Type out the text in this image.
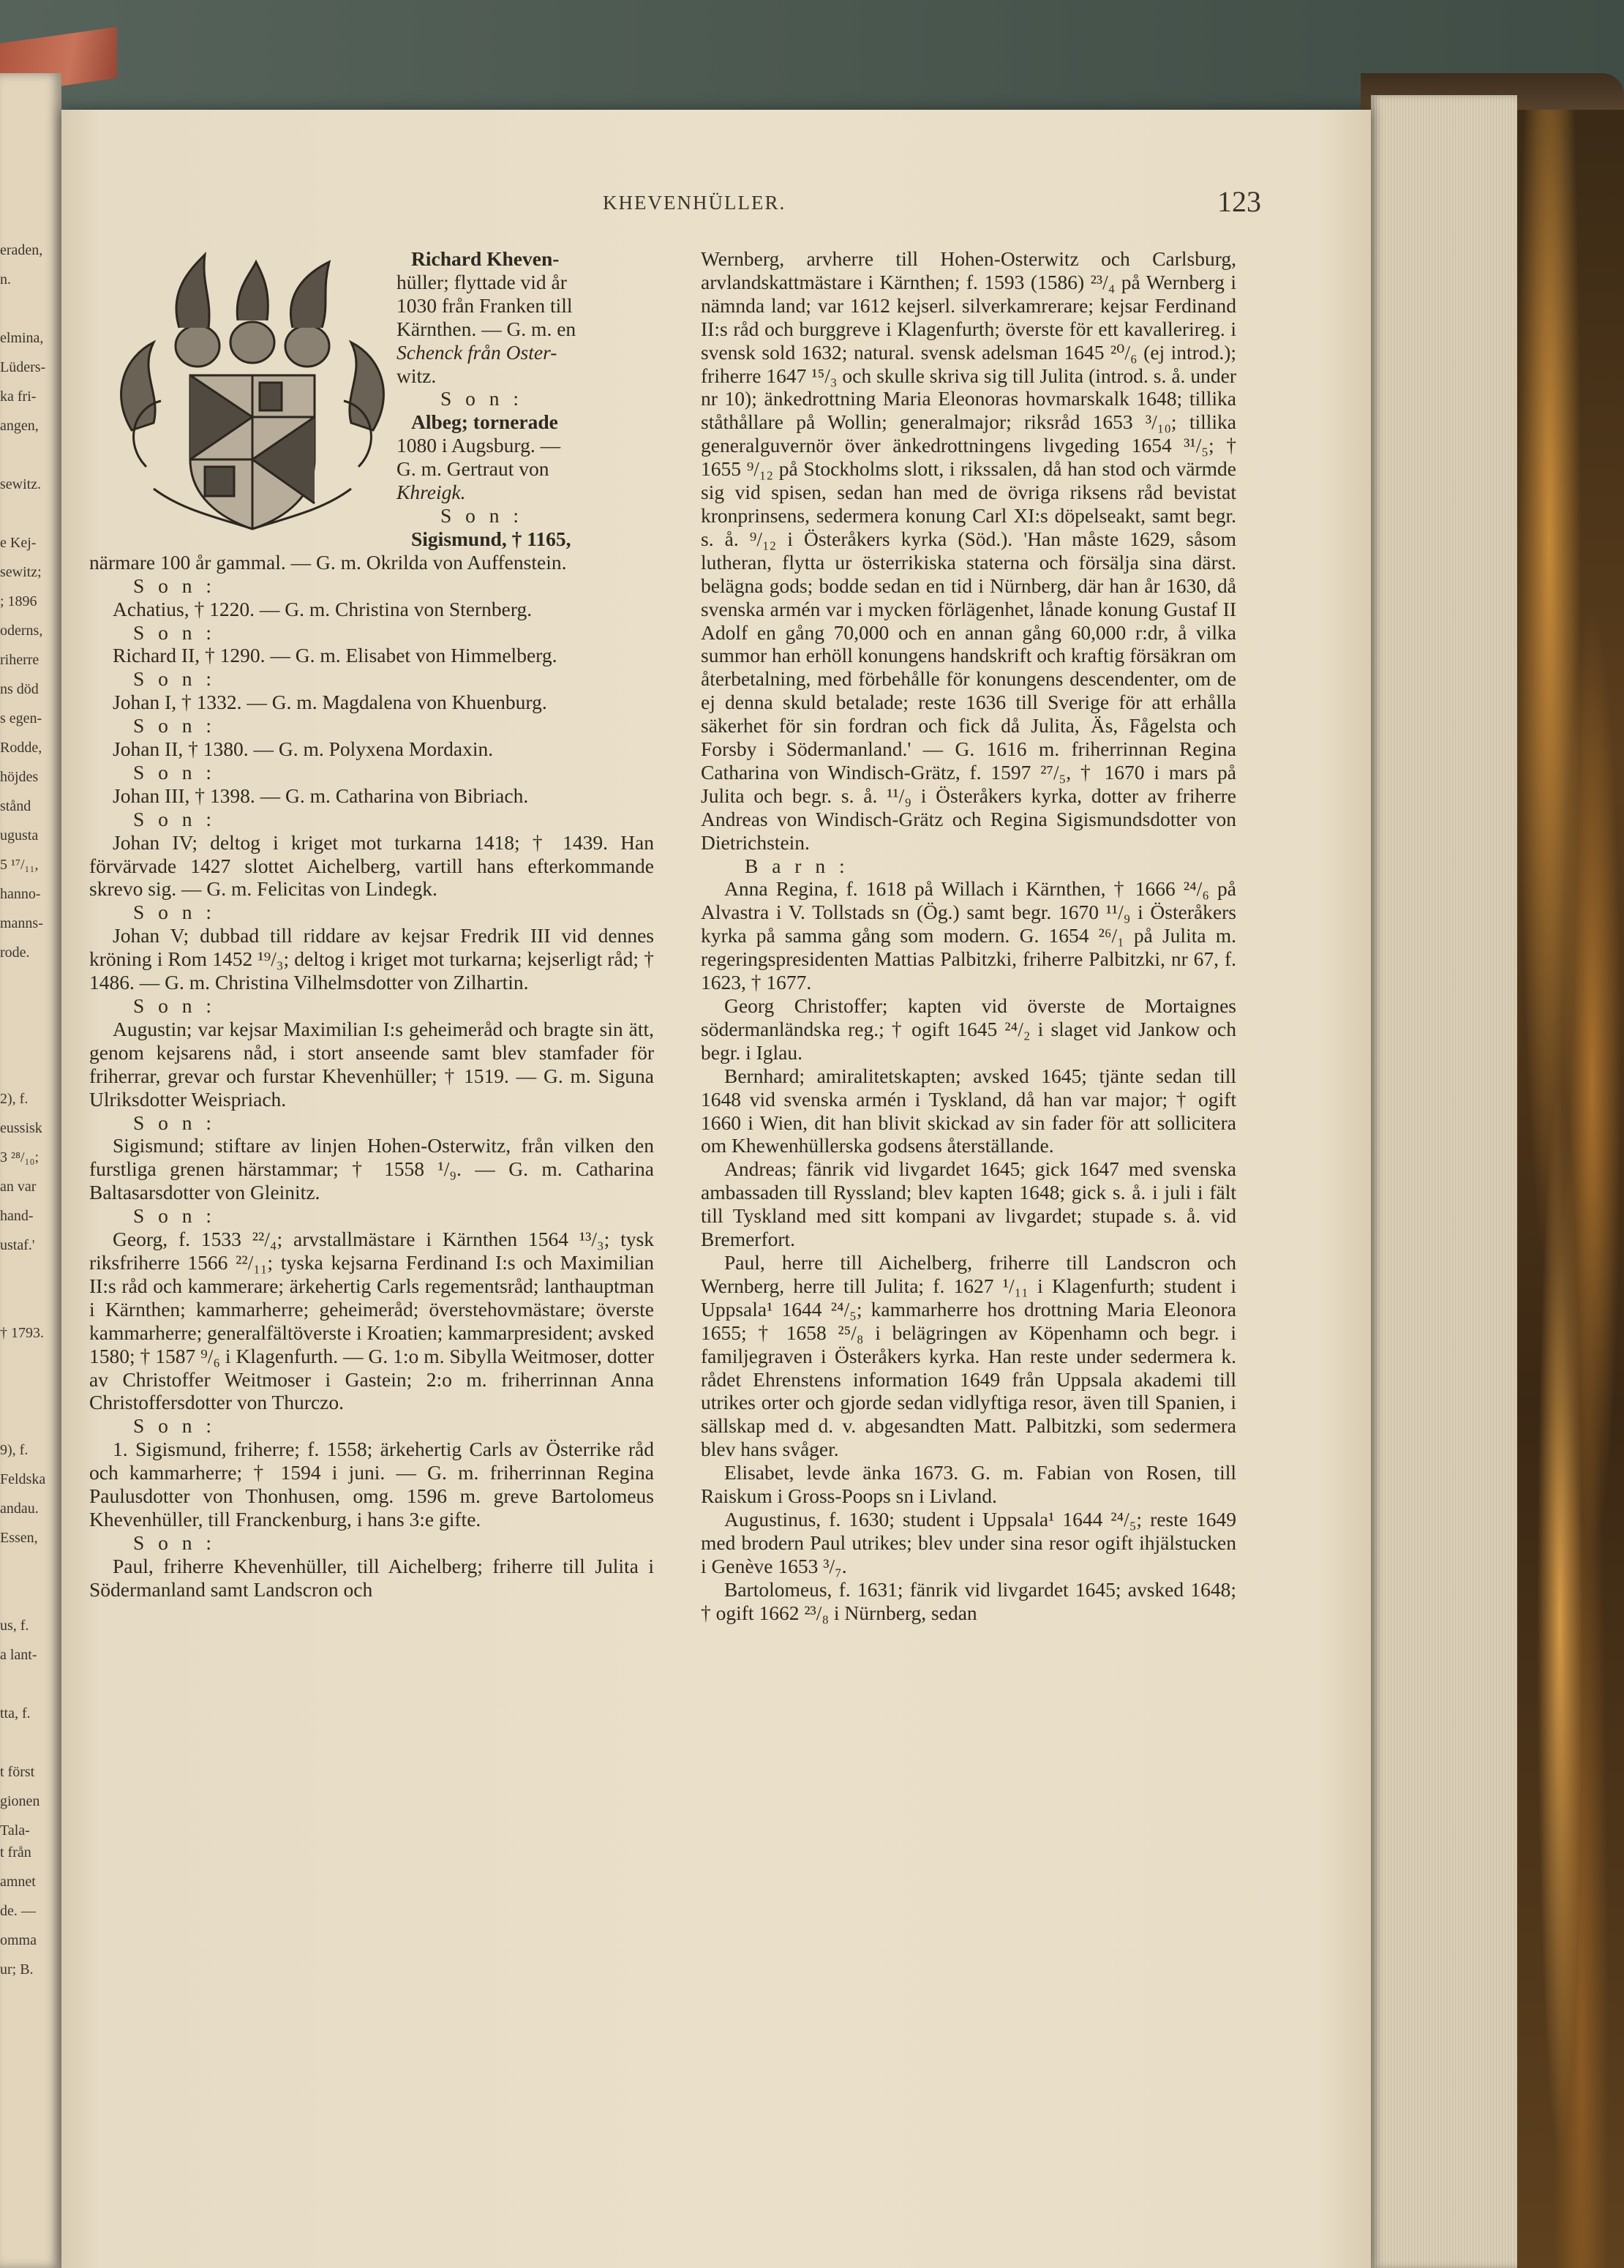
eraden,
n.
elmina,
Lüders-
ka fri-
angen,
sewitz.
e Kej-
sewitz;
; 1896
oderns,
riherre
ns död
s egen-
Rodde,
höjdes
stånd
ugusta
5 ¹⁷/₁₁,
hanno-
manns-
rode.
2), f.
eussisk
3 ²⁸/₁₀;
an var
hand-
ustaf.'
† 1793.
9), f.
Feldska
andau.
Essen,
us, f.
a lant-
tta, f.
t först
gionen
Tala-
t från
amnet
de. —
omma
ur; B.
KHEVENHÜLLER.	123

Richard Kheven-

hüller; flyttade vid år

1030 från Franken till

Kärnthen. — G. m. en

Schenck från Oster-

witz.

S o n :

Albeg; tornerade

1080 i Augsburg. —

G. m. Gertraut von

Khreigk.

S o n :

Sigismund, † 1165,

närmare 100 år gammal. — G. m. Okrilda von Auffenstein.

S o n :

Achatius, † 1220. — G. m. Christina von Sternberg.

S o n :

Richard II, † 1290. — G. m. Elisabet von Himmelberg.

S o n :

Johan I, † 1332. — G. m. Magdalena von Khuenburg.

S o n :

Johan II, † 1380. — G. m. Polyxena Mordaxin.

S o n :

Johan III, † 1398. — G. m. Catharina von Bibriach.

S o n :

Johan IV; deltog i kriget mot turkarna 1418; † 1439. Han förvärvade 1427 slottet Aichelberg, vartill hans efterkommande skrevo sig. — G. m. Felicitas von Lindegk.

S o n :

Johan V; dubbad till riddare av kejsar Fredrik III vid dennes kröning i Rom 1452 ¹⁹/₃; deltog i kriget mot turkarna; kejserligt råd; † 1486. — G. m. Christina Vilhelmsdotter von Zilhartin.

S o n :

Augustin; var kejsar Maximilian I:s geheimeråd och bragte sin ätt, genom kejsarens nåd, i stort anseende samt blev stamfader för friherrar, grevar och furstar Khevenhüller; † 1519. — G. m. Siguna Ulriksdotter Weispriach.

S o n :

Sigismund; stiftare av linjen Hohen-Osterwitz, från vilken den furstliga grenen härstammar; † 1558 ¹/₉. — G. m. Catharina Baltasarsdotter von Gleinitz.

S o n :

Georg, f. 1533 ²²/₄; arvstallmästare i Kärnthen 1564 ¹³/₃; tysk riksfriherre 1566 ²²/₁₁; tyska kejsarna Ferdinand I:s och Maximilian II:s råd och kammerare; ärkehertig Carls regementsråd; lanthauptman i Kärnthen; kammarherre; geheimeråd; överstehovmästare; överste kammarherre; generalfältöverste i Kroatien; kammarpresident; avsked 1580; † 1587 ⁹/₆ i Klagenfurth. — G. 1:o m. Sibylla Weitmoser, dotter av Christoffer Weitmoser i Gastein; 2:o m. friherrinnan Anna Christoffersdotter von Thurczo.

S o n :

1. Sigismund, friherre; f. 1558; ärkehertig Carls av Österrike råd och kammarherre; † 1594 i juni. — G. m. friherrinnan Regina Paulusdotter von Thonhusen, omg. 1596 m. greve Bartolomeus Khevenhüller, till Franckenburg, i hans 3:e gifte.

S o n :

Paul, friherre Khevenhüller, till Aichelberg; friherre till Julita i Södermanland samt Landscron och

Wernberg, arvherre till Hohen-Osterwitz och Carlsburg, arvlandskattmästare i Kärnthen; f. 1593 (1586) ²³/₄ på Wernberg i nämnda land; var 1612 kejserl. silverkamrerare; kejsar Ferdinand II:s råd och burggreve i Klagenfurth; överste för ett kavallerireg. i svensk sold 1632; natural. svensk adelsman 1645 ²⁰/₆ (ej introd.); friherre 1647 ¹⁵/₃ och skulle skriva sig till Julita (introd. s. å. under nr 10); änkedrottning Maria Eleonoras hovmarskalk 1648; tillika ståthållare på Wollin; generalmajor; riksråd 1653 ³/₁₀; tillika generalguvernör över änkedrottningens livgeding 1654 ³¹/₅; † 1655 ⁹/₁₂ på Stockholms slott, i rikssalen, då han stod och värmde sig vid spisen, sedan han med de övriga riksens råd bevistat kronprinsens, sedermera konung Carl XI:s döpelseakt, samt begr. s. å. ⁹/₁₂ i Österåkers kyrka (Söd.). 'Han måste 1629, såsom lutheran, flytta ur österrikiska staterna och försälja sina därst. belägna gods; bodde sedan en tid i Nürnberg, där han år 1630, då svenska armén var i mycken förlägenhet, lånade konung Gustaf II Adolf en gång 70,000 och en annan gång 60,000 r:dr, å vilka summor han erhöll konungens handskrift och kraftig försäkran om återbetalning, med förbehålle för konungens descendenter, om de ej denna skuld betalade; reste 1636 till Sverige för att erhålla säkerhet för sin fordran och fick då Julita, Äs, Fågelsta och Forsby i Södermanland.' — G. 1616 m. friherrinnan Regina Catharina von Windisch-Grätz, f. 1597 ²⁷/₅, † 1670 i mars på Julita och begr. s. å. ¹¹/₉ i Österåkers kyrka, dotter av friherre Andreas von Windisch-Grätz och Regina Sigismundsdotter von Dietrichstein.

B a r n :

Anna Regina, f. 1618 på Willach i Kärnthen, † 1666 ²⁴/₆ på Alvastra i V. Tollstads sn (Ög.) samt begr. 1670 ¹¹/₉ i Österåkers kyrka på samma gång som modern. G. 1654 ²⁶/₁ på Julita m. regeringspresidenten Mattias Palbitzki, friherre Palbitzki, nr 67, f. 1623, † 1677.

Georg Christoffer; kapten vid överste de Mortaignes södermanländska reg.; † ogift 1645 ²⁴/₂ i slaget vid Jankow och begr. i Iglau.

Bernhard; amiralitetskapten; avsked 1645; tjänte sedan till 1648 vid svenska armén i Tyskland, då han var major; † ogift 1660 i Wien, dit han blivit skickad av sin fader för att sollicitera om Khewenhüllerska godsens återställande.

Andreas; fänrik vid livgardet 1645; gick 1647 med svenska ambassaden till Ryssland; blev kapten 1648; gick s. å. i juli i fält till Tyskland med sitt kompani av livgardet; stupade s. å. vid Bremerfort.

Paul, herre till Aichelberg, friherre till Landscron och Wernberg, herre till Julita; f. 1627 ¹/₁₁ i Klagenfurth; student i Uppsala¹ 1644 ²⁴/₅; kammarherre hos drottning Maria Eleonora 1655; † 1658 ²⁵/₈ i belägringen av Köpenhamn och begr. i familjegraven i Österåkers kyrka. Han reste under sedermera k. rådet Ehrenstens information 1649 från Uppsala akademi till utrikes orter och gjorde sedan vidlyftiga resor, även till Spanien, i sällskap med d. v. abgesandten Matt. Palbitzki, som sedermera blev hans svåger.

Elisabet, levde änka 1673. G. m. Fabian von Rosen, till Raiskum i Gross-Poops sn i Livland.

Augustinus, f. 1630; student i Uppsala¹ 1644 ²⁴/₅; reste 1649 med brodern Paul utrikes; blev under sina resor ogift ihjälstucken i Genève 1653 ³/₇.

Bartolomeus, f. 1631; fänrik vid livgardet 1645; avsked 1648; † ogift 1662 ²³/₈ i Nürnberg, sedan
